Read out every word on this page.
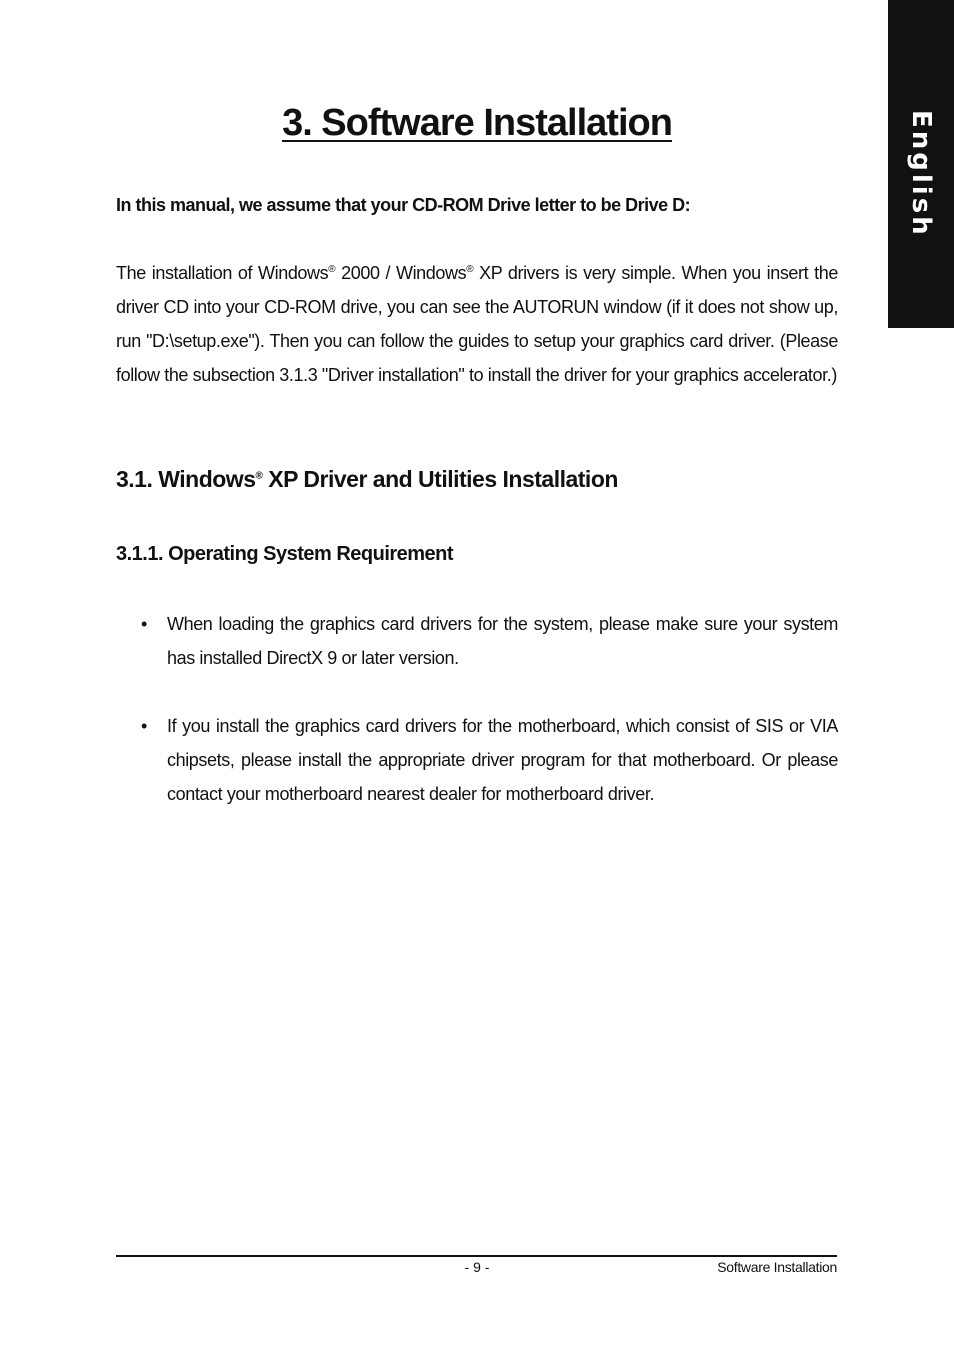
English
3. Software Installation

In this manual, we assume that your CD-ROM Drive letter to be Drive D:

The installation of Windows® 2000 / Windows® XP drivers is very simple. When you insert the driver CD into your CD-ROM drive, you can see the AUTORUN window (if it does not show up, run "D:\setup.exe"). Then you can follow the guides to setup your graphics card driver. (Please follow the subsection 3.1.3 "Driver installation" to install the driver for your graphics accelerator.)

3.1. Windows® XP Driver and Utilities Installation
3.1.1. Operating System Requirement
• When loading the graphics card drivers for the system, please make sure your system has installed DirectX 9 or later version.
• If you install the graphics card drivers for the motherboard, which consist of SIS or VIA chipsets, please install the appropriate driver program for that motherboard. Or please contact your motherboard nearest dealer for motherboard driver.
- 9 -	Software Installation
